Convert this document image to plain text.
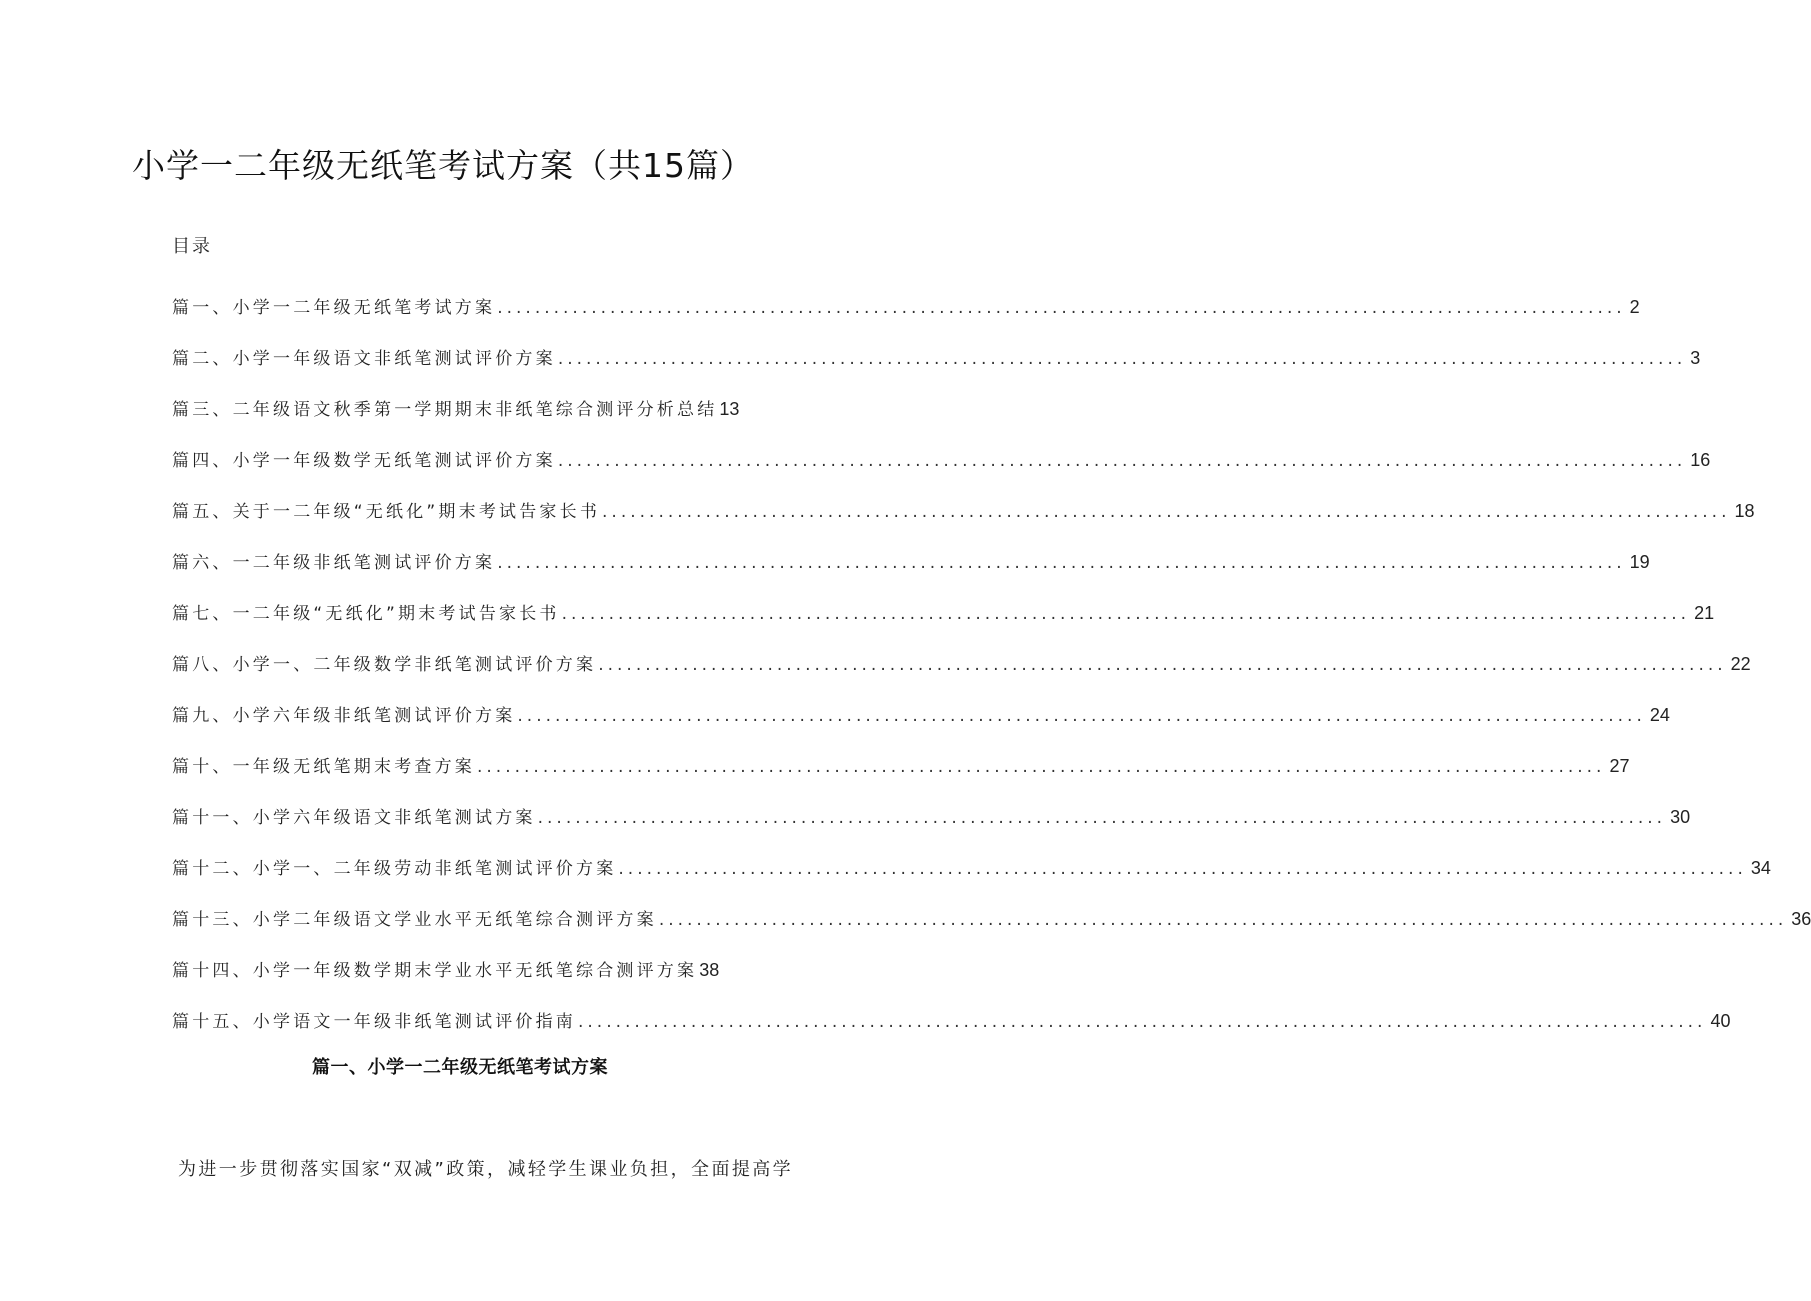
小学一二年级无纸笔考试方案（共15篇）
目录
篇一、小学一二年级无纸笔考试方案 ........................................................................................................................ 2
篇二、小学一年级语文非纸笔测试评价方案 ........................................................................................................................ 3
篇三、二年级语文秋季第一学期期末非纸笔综合测评分析总结 13
篇四、小学一年级数学无纸笔测试评价方案 ........................................................................................................................ 16
篇五、关于一二年级“无纸化”期末考试告家长书 ........................................................................................................................ 18
篇六、一二年级非纸笔测试评价方案 ........................................................................................................................ 19
篇七、一二年级“无纸化”期末考试告家长书 ........................................................................................................................ 21
篇八、小学一、二年级数学非纸笔测试评价方案 ........................................................................................................................ 22
篇九、小学六年级非纸笔测试评价方案 ........................................................................................................................ 24
篇十、一年级无纸笔期末考查方案 ........................................................................................................................ 27
篇十一、小学六年级语文非纸笔测试方案 ........................................................................................................................ 30
篇十二、小学一、二年级劳动非纸笔测试评价方案 ........................................................................................................................ 34
篇十三、小学二年级语文学业水平无纸笔综合测评方案 ........................................................................................................................ 36
篇十四、小学一年级数学期末学业水平无纸笔综合测评方案 38
篇十五、小学语文一年级非纸笔测试评价指南 ........................................................................................................................ 40
篇一、小学一二年级无纸笔考试方案
为进一步贯彻落实国家“双减”政策，减轻学生课业负担，全面提高学
